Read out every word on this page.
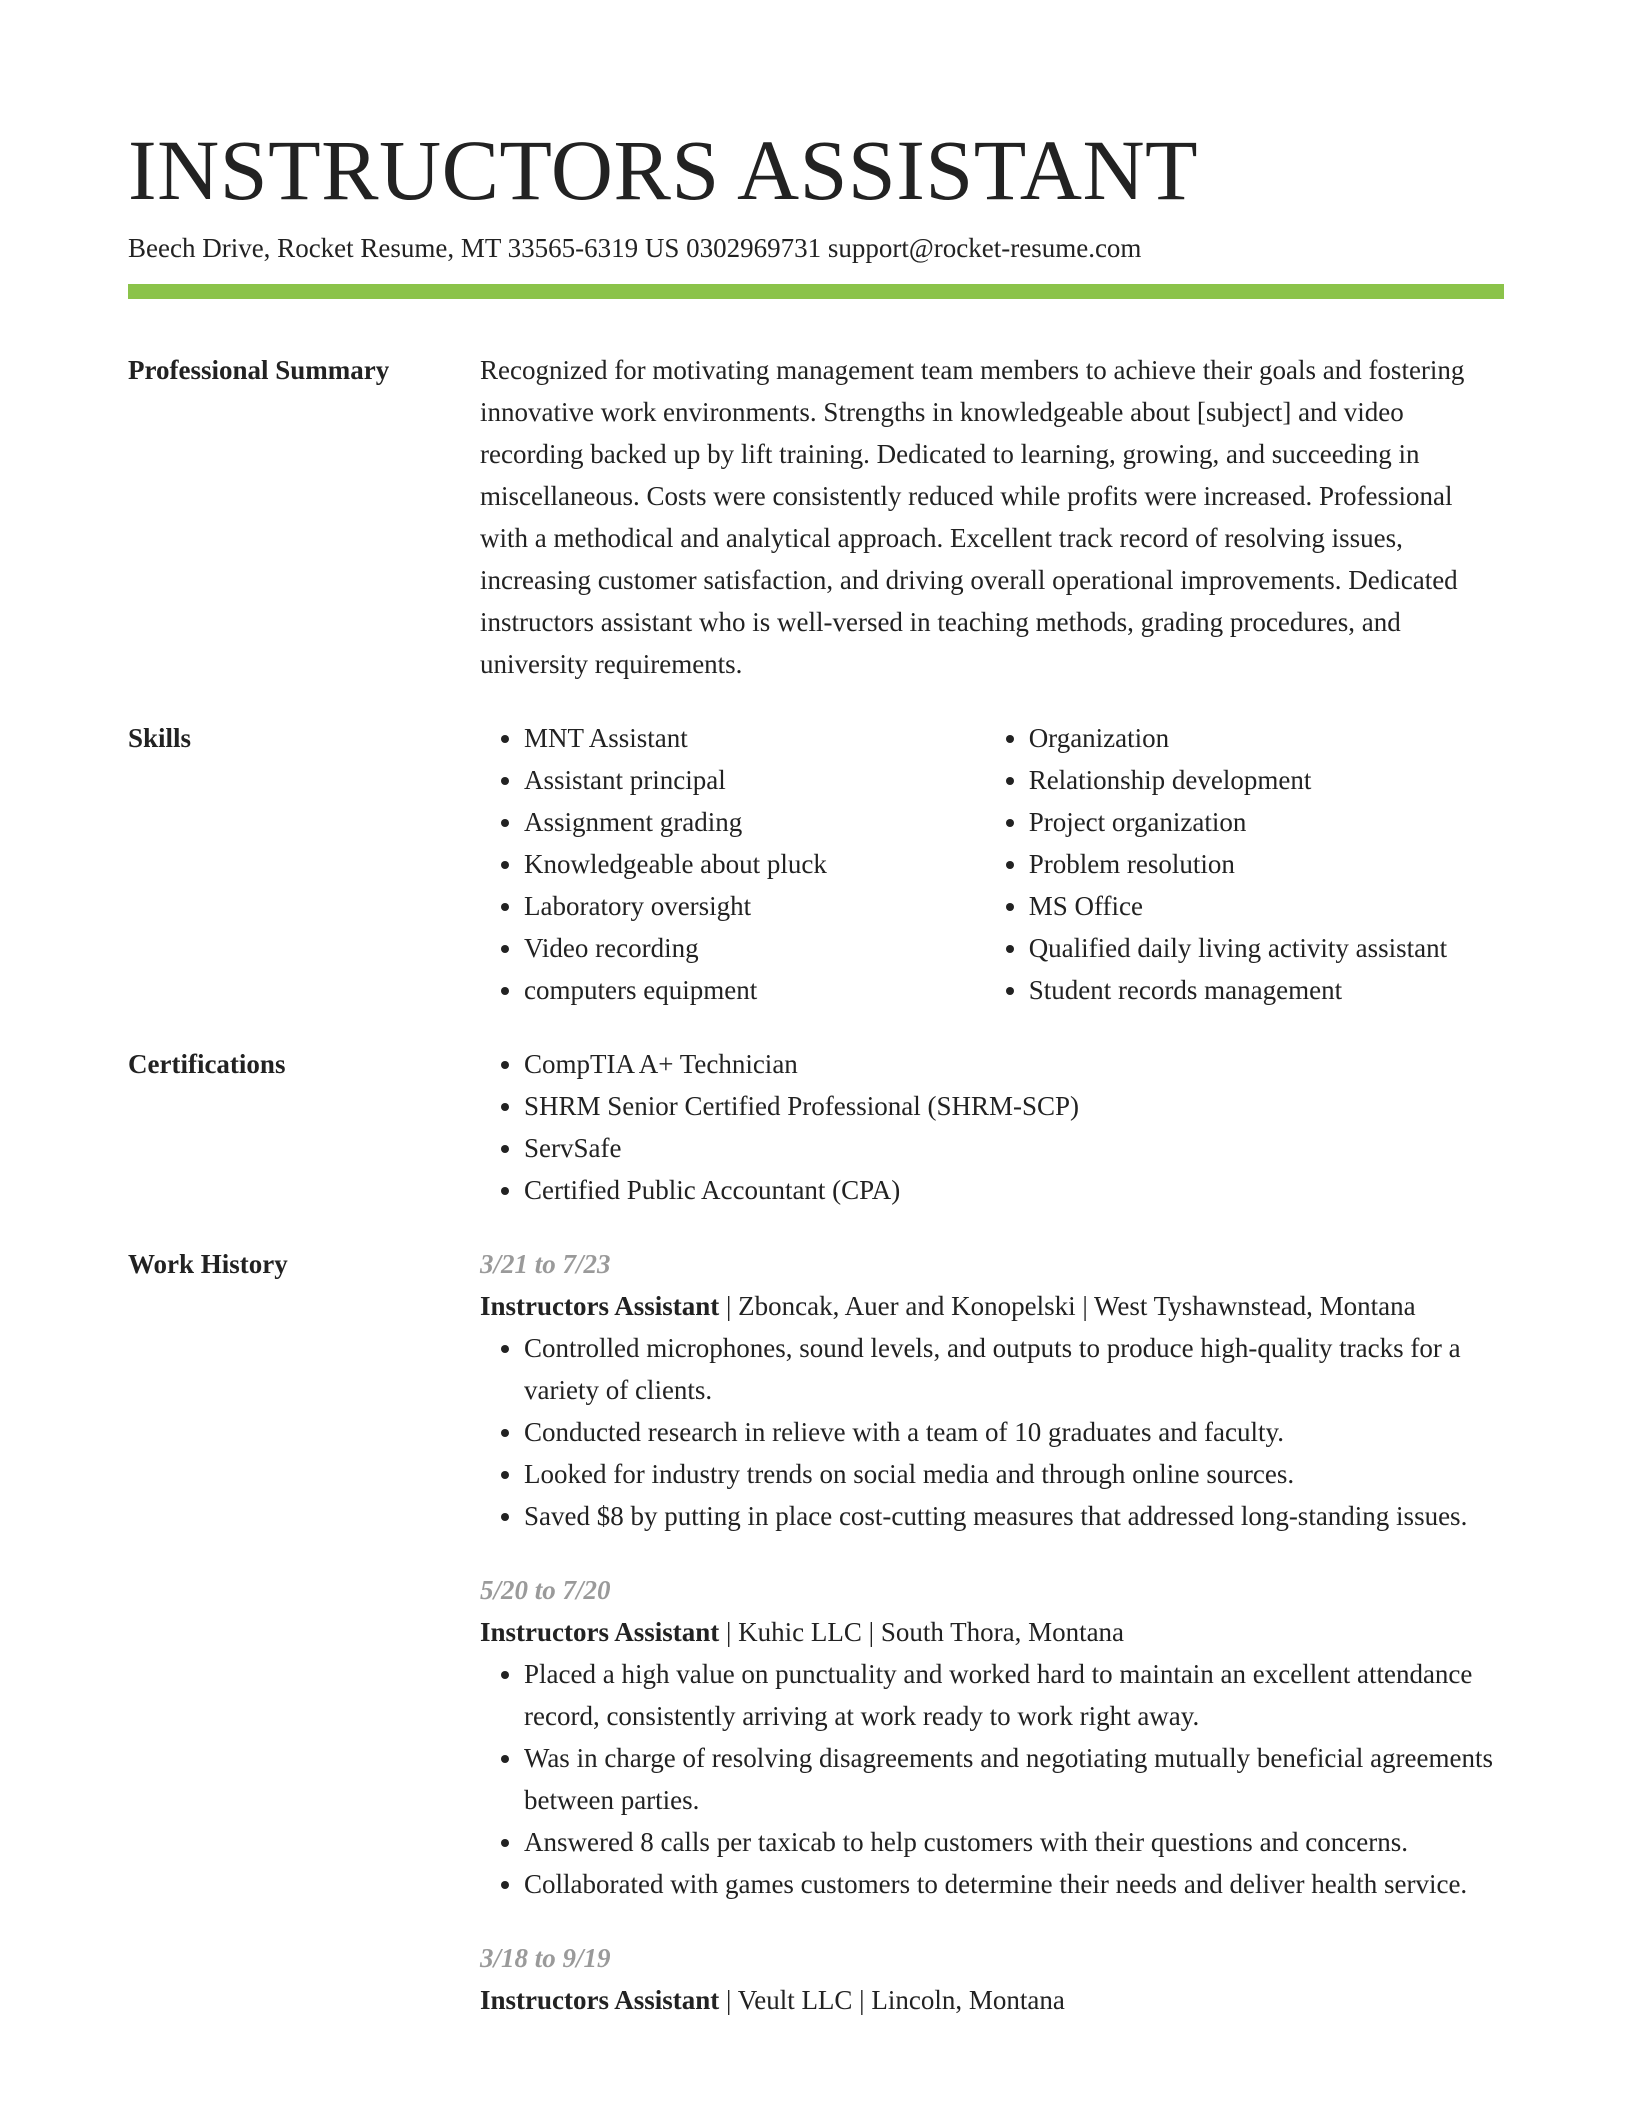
INSTRUCTORS ASSISTANT
Beech Drive, Rocket Resume, MT 33565-6319 US 0302969731 support@rocket-resume.com
Professional Summary	Recognized for motivating management team members to achieve their goals and fostering innovative work environments. Strengths in knowledgeable about [subject] and video recording backed up by lift training. Dedicated to learning, growing, and succeeding in miscellaneous. Costs were consistently reduced while profits were increased. Professional with a methodical and analytical approach. Excellent track record of resolving issues, increasing customer satisfaction, and driving overall operational improvements. Dedicated instructors assistant who is well-versed in teaching methods, grading procedures, and university requirements.
Skills	• MNT Assistant
• Assistant principal
• Assignment grading
• Knowledgeable about pluck
• Laboratory oversight
• Video recording
• computers equipment
• Organization
• Relationship development
• Project organization
• Problem resolution
• MS Office
• Qualified daily living activity assistant
• Student records management
Certifications	• CompTIA A+ Technician
• SHRM Senior Certified Professional (SHRM-SCP)
• ServSafe
• Certified Public Accountant (CPA)
Work History	3/21 to 7/23
Instructors Assistant | Zboncak, Auer and Konopelski | West Tyshawnstead, Montana
• Controlled microphones, sound levels, and outputs to produce high-quality tracks for a variety of clients.
• Conducted research in relieve with a team of 10 graduates and faculty.
• Looked for industry trends on social media and through online sources.
• Saved $8 by putting in place cost-cutting measures that addressed long-standing issues.
5/20 to 7/20
Instructors Assistant | Kuhic LLC | South Thora, Montana
• Placed a high value on punctuality and worked hard to maintain an excellent attendance record, consistently arriving at work ready to work right away.
• Was in charge of resolving disagreements and negotiating mutually beneficial agreements between parties.
• Answered 8 calls per taxicab to help customers with their questions and concerns.
• Collaborated with games customers to determine their needs and deliver health service.
3/18 to 9/19
Instructors Assistant | Veult LLC | Lincoln, Montana
